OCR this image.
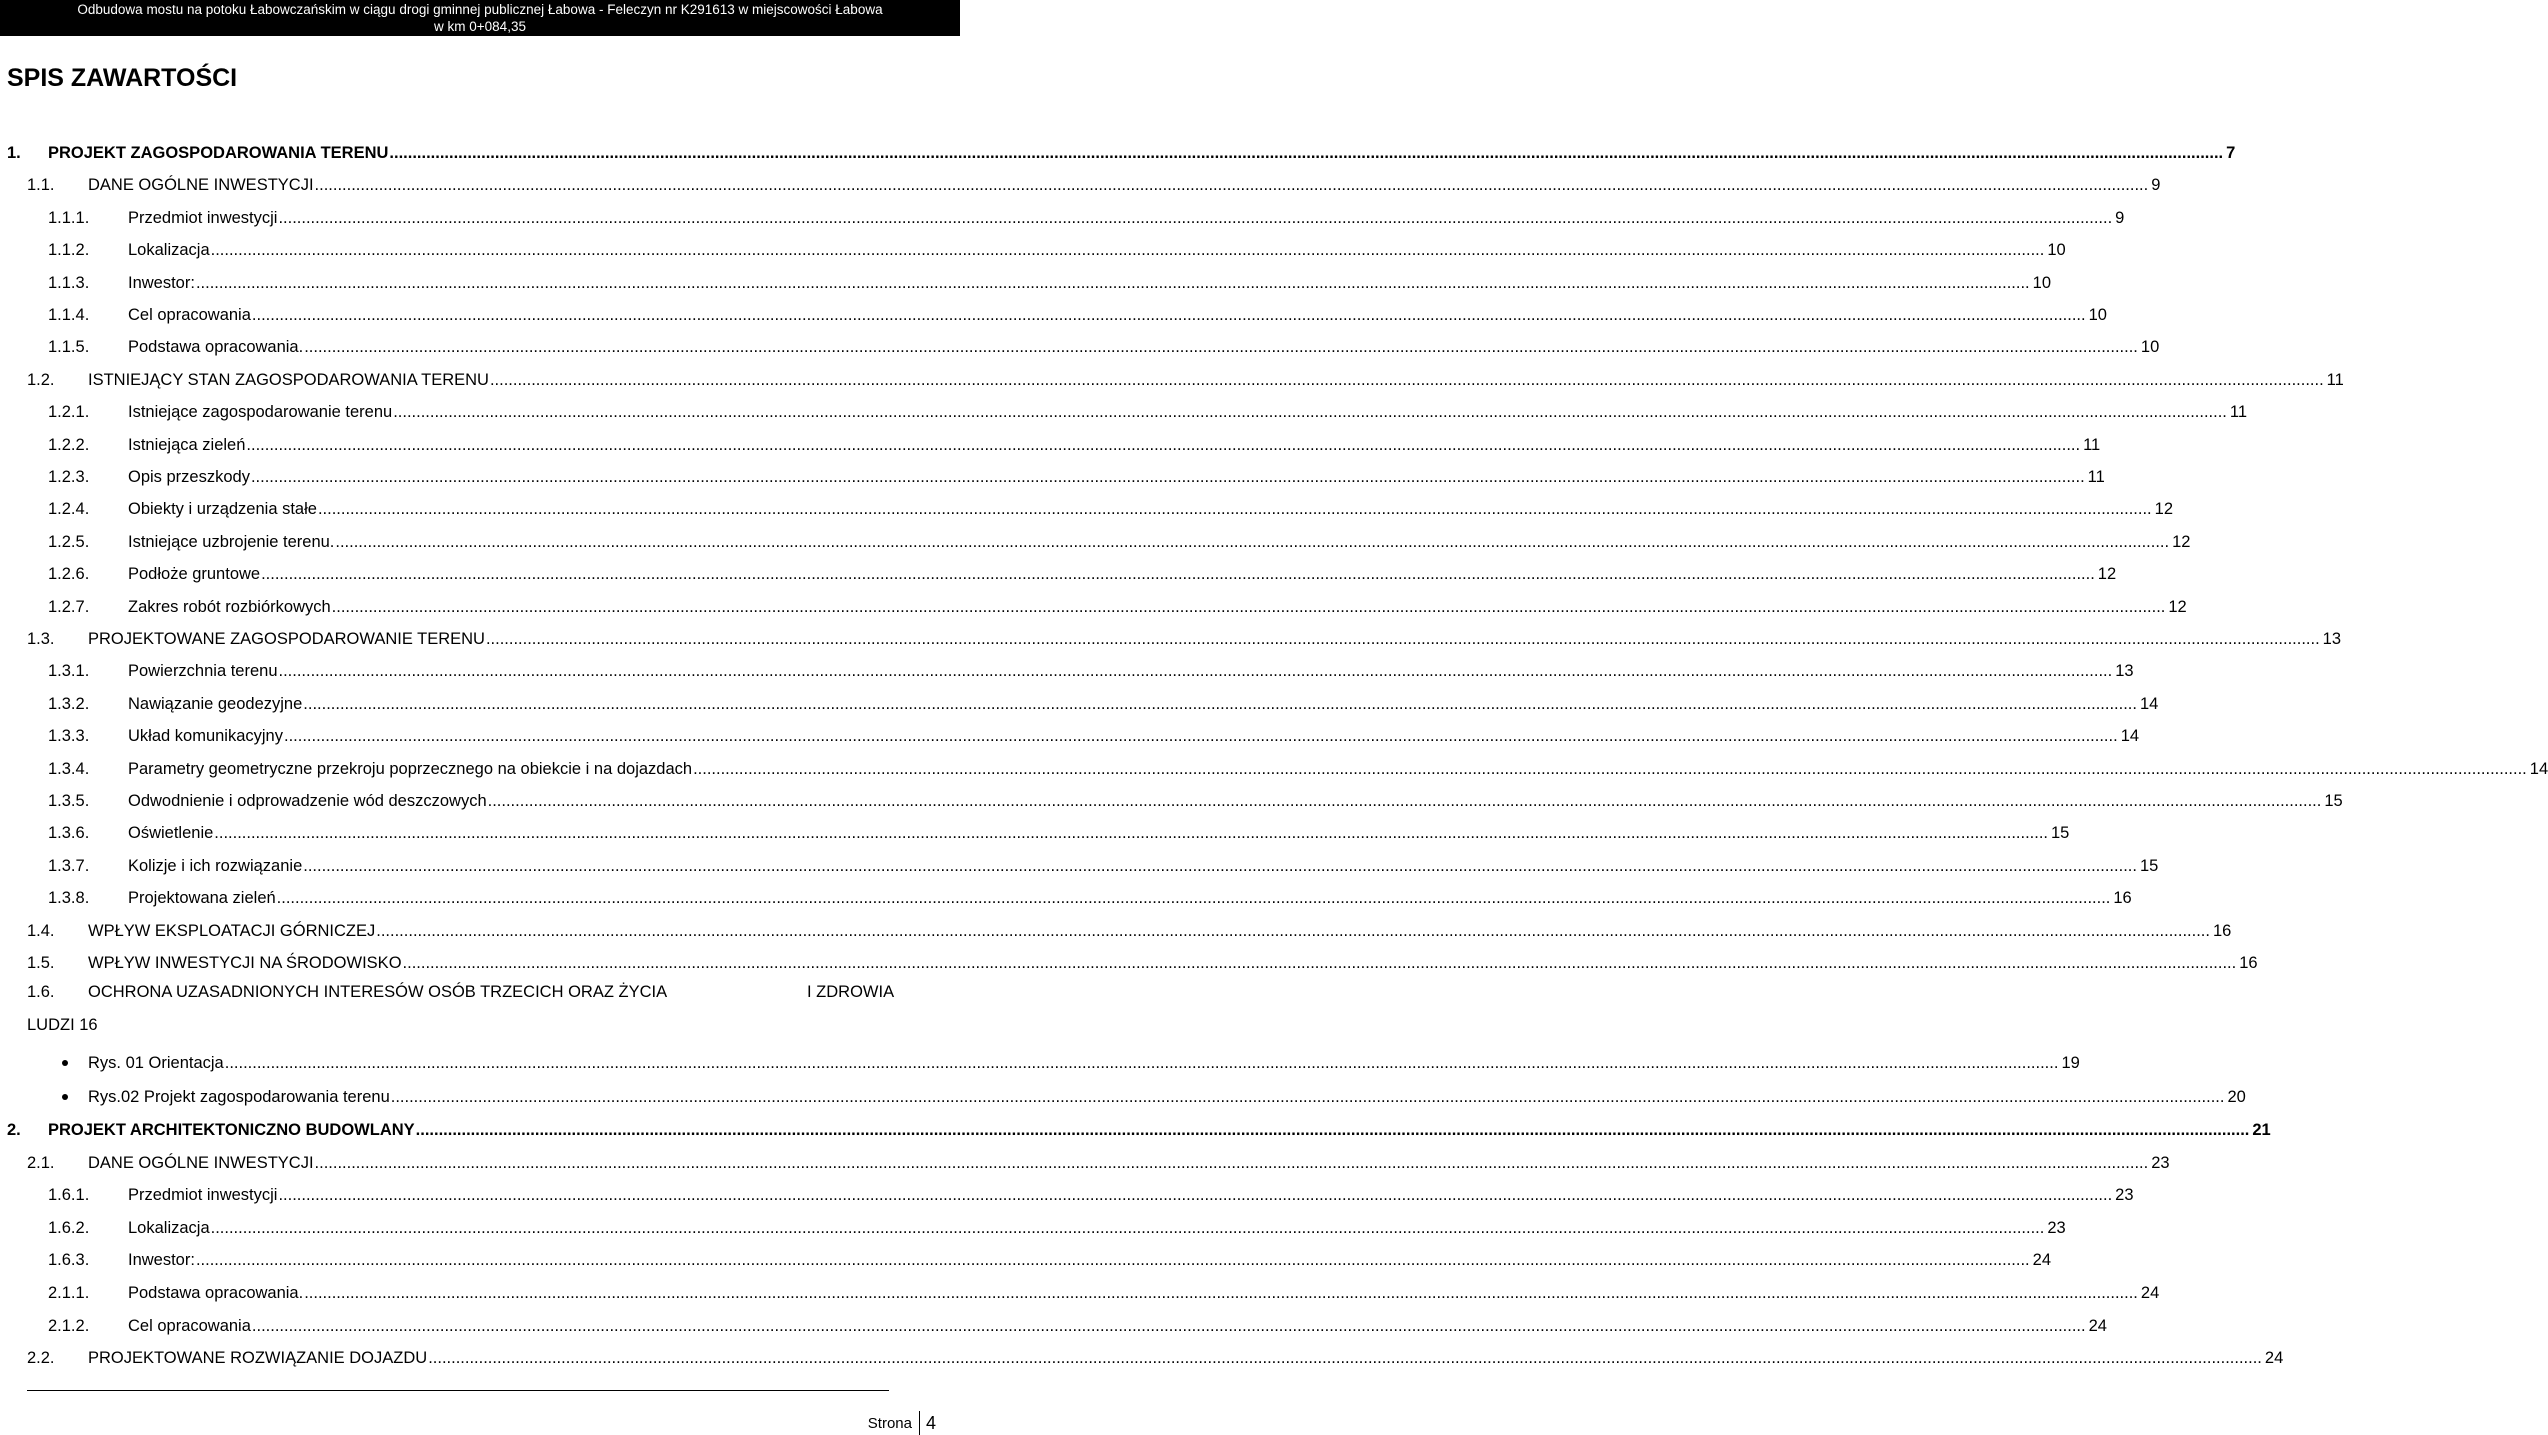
Odbudowa mostu na potoku Łabowczańskim w ciągu drogi gminnej publicznej Łabowa - Feleczyn nr K291613 w miejscowości Łabowa
w km 0+084,35
SPIS ZAWARTOŚCI
1. PROJEKT ZAGOSPODAROWANIA TERENU ................................................................................................................................................................................................................................................................................................................................................................................................................ 7
1.1. DANE OGÓLNE INWESTYCJI ................................................................................................................................................................................................................................................................................................................................................................................................................ 9
1.1.1. Przedmiot inwestycji ................................................................................................................................................................................................................................................................................................................................................................................................................ 9
1.1.2. Lokalizacja ................................................................................................................................................................................................................................................................................................................................................................................................................ 10
1.1.3. Inwestor: ................................................................................................................................................................................................................................................................................................................................................................................................................ 10
1.1.4. Cel opracowania ................................................................................................................................................................................................................................................................................................................................................................................................................ 10
1.1.5. Podstawa opracowania. ................................................................................................................................................................................................................................................................................................................................................................................................................ 10
1.2. ISTNIEJĄCY STAN ZAGOSPODAROWANIA TERENU ................................................................................................................................................................................................................................................................................................................................................................................................................ 11
1.2.1. Istniejące zagospodarowanie terenu ................................................................................................................................................................................................................................................................................................................................................................................................................ 11
1.2.2. Istniejąca zieleń ................................................................................................................................................................................................................................................................................................................................................................................................................ 11
1.2.3. Opis przeszkody ................................................................................................................................................................................................................................................................................................................................................................................................................ 11
1.2.4. Obiekty i urządzenia stałe ................................................................................................................................................................................................................................................................................................................................................................................................................ 12
1.2.5. Istniejące uzbrojenie terenu. ................................................................................................................................................................................................................................................................................................................................................................................................................ 12
1.2.6. Podłoże gruntowe ................................................................................................................................................................................................................................................................................................................................................................................................................ 12
1.2.7. Zakres robót rozbiórkowych ................................................................................................................................................................................................................................................................................................................................................................................................................ 12
1.3. PROJEKTOWANE ZAGOSPODAROWANIE TERENU ................................................................................................................................................................................................................................................................................................................................................................................................................ 13
1.3.1. Powierzchnia terenu ................................................................................................................................................................................................................................................................................................................................................................................................................ 13
1.3.2. Nawiązanie geodezyjne ................................................................................................................................................................................................................................................................................................................................................................................................................ 14
1.3.3. Układ komunikacyjny ................................................................................................................................................................................................................................................................................................................................................................................................................ 14
1.3.4. Parametry geometryczne przekroju poprzecznego na obiekcie i na dojazdach ................................................................................................................................................................................................................................................................................................................................................................................................................ 14
1.3.5. Odwodnienie i odprowadzenie wód deszczowych ................................................................................................................................................................................................................................................................................................................................................................................................................ 15
1.3.6. Oświetlenie ................................................................................................................................................................................................................................................................................................................................................................................................................ 15
1.3.7. Kolizje i ich rozwiązanie ................................................................................................................................................................................................................................................................................................................................................................................................................ 15
1.3.8. Projektowana zieleń ................................................................................................................................................................................................................................................................................................................................................................................................................ 16
1.4. WPŁYW EKSPLOATACJI GÓRNICZEJ ................................................................................................................................................................................................................................................................................................................................................................................................................ 16
1.5. WPŁYW INWESTYCJI NA ŚRODOWISKO ................................................................................................................................................................................................................................................................................................................................................................................................................ 16
1.6. OCHRONA UZASADNIONYCH INTERESÓW OSÓB TRZECICH ORAZ ŻYCIA	I ZDROWIA
LUDZI 16
Rys. 01 Orientacja ................................................................................................................................................................................................................................................................................................................................................................................................................ 19
Rys.02 Projekt zagospodarowania terenu ................................................................................................................................................................................................................................................................................................................................................................................................................ 20
2. PROJEKT ARCHITEKTONICZNO BUDOWLANY ................................................................................................................................................................................................................................................................................................................................................................................................................ 21
2.1. DANE OGÓLNE INWESTYCJI ................................................................................................................................................................................................................................................................................................................................................................................................................ 23
1.6.1. Przedmiot inwestycji ................................................................................................................................................................................................................................................................................................................................................................................................................ 23
1.6.2. Lokalizacja ................................................................................................................................................................................................................................................................................................................................................................................................................ 23
1.6.3. Inwestor: ................................................................................................................................................................................................................................................................................................................................................................................................................ 24
2.1.1. Podstawa opracowania. ................................................................................................................................................................................................................................................................................................................................................................................................................ 24
2.1.2. Cel opracowania ................................................................................................................................................................................................................................................................................................................................................................................................................ 24
2.2. PROJEKTOWANE ROZWIĄZANIE DOJAZDU ................................................................................................................................................................................................................................................................................................................................................................................................................ 24
Strona 4
